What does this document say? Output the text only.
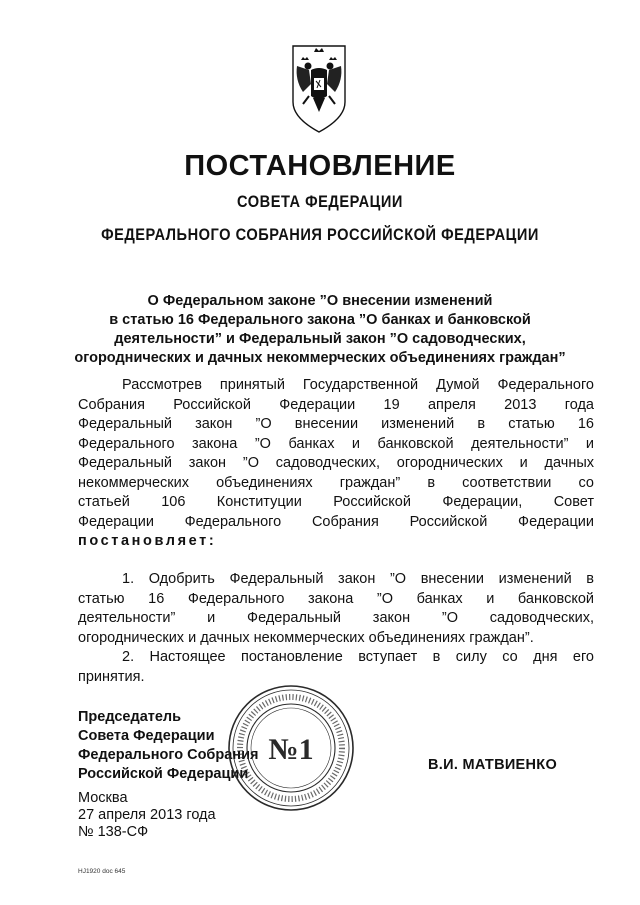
ПОСТАНОВЛЕНИЕ
СОВЕТА ФЕДЕРАЦИИ
ФЕДЕРАЛЬНОГО СОБРАНИЯ РОССИЙСКОЙ ФЕДЕРАЦИИ
О Федеральном законе ”О внесении изменений
в статью 16 Федерального закона ”О банках и банковской
деятельности” и Федеральный закон ”О садоводческих,
огороднических и дачных некоммерческих объединениях граждан”
Рассмотрев принятый Государственной Думой Федерального
Собрания Российской Федерации 19 апреля 2013 года
Федеральный закон ”О внесении изменений в статью 16
Федерального закона ”О банках и банковской деятельности” и
Федеральный закон ”О садоводческих, огороднических и дачных
некоммерческих объединениях граждан” в соответствии со
статьей 106 Конституции Российской Федерации, Совет
Федерации Федерального Собрания Российской Федерации
постановляет:
1. Одобрить Федеральный закон ”О внесении изменений в
статью 16 Федерального закона ”О банках и банковской
деятельности” и Федеральный закон ”О садоводческих,
огороднических и дачных некоммерческих объединениях граждан”.
2. Настоящее постановление вступает в силу со дня его
принятия.
Председатель
Совета Федерации
Федерального Собрания
Российской Федерации
В.И. МАТВИЕНКО
Москва
27 апреля 2013 года
№ 138-СФ
НJ1920 doc 645
№1
